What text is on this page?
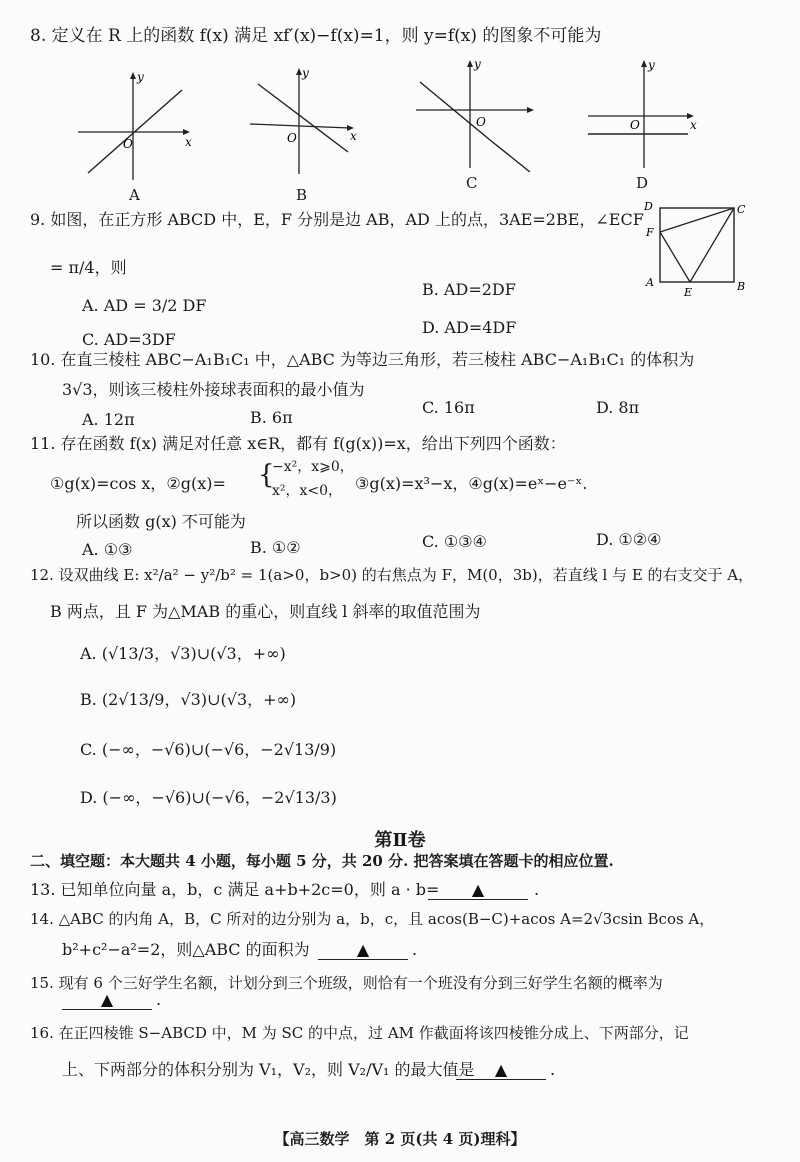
8. 定义在 R 上的函数 f(x) 满足 xf′(x)−f(x)=1，则 y=f(x) 的图象不可能为
y
x
O
A
y
x
O
B
y
O
C
y
x
O
D
9. 如图，在正方形 ABCD 中，E，F 分别是边 AB，AD 上的点，3AE=2BE，∠ECF
= π/4，则
A. AD = 3/2 DF
B. AD=2DF
C. AD=3DF
D. AD=4DF
D	C
F
A
E	B
10. 在直三棱柱 ABC−A₁B₁C₁ 中，△ABC 为等边三角形，若三棱柱 ABC−A₁B₁C₁ 的体积为
3√3，则该三棱柱外接球表面积的最小值为
A. 12π	B. 6π
C. 16π	D. 8π
11. 存在函数 f(x) 满足对任意 x∈R，都有 f(g(x))=x，给出下列四个函数：
①g(x)=cos x，②g(x)= {
−x²，x⩾0，
x²，x<0， ③g(x)=x³−x，④g(x)=eˣ−e⁻ˣ.
所以函数 g(x) 不可能为
A. ①③	B. ①②	C. ①③④	D. ①②④
12. 设双曲线 E: x²/a² − y²/b² = 1(a>0，b>0) 的右焦点为 F，M(0，3b)，若直线 l 与 E 的右支交于 A，
B 两点，且 F 为△MAB 的重心，则直线 l 斜率的取值范围为
A. (√13/3，√3)∪(√3，+∞)
B. (2√13/9，√3)∪(√3，+∞)
C. (−∞，−√6)∪(−√6，−2√13/9)
D. (−∞，−√6)∪(−√6，−2√13/3)
第Ⅱ卷
二、填空题：本大题共 4 小题，每小题 5 分，共 20 分. 把答案填在答题卡的相应位置.
13. 已知单位向量 a，b，c 满足 a+b+2c=0，则 a · b=	▲	.
14. △ABC 的内角 A，B，C 所对的边分别为 a，b，c，且 acos(B−C)+acos A=2√3csin Bcos A，
b²+c²−a²=2，则△ABC 的面积为	▲	.
15. 现有 6 个三好学生名额，计划分到三个班级，则恰有一个班没有分到三好学生名额的概率为
▲	.
16. 在正四棱锥 S−ABCD 中，M 为 SC 的中点，过 AM 作截面将该四棱锥分成上、下两部分，记
上、下两部分的体积分别为 V₁，V₂，则 V₂/V₁ 的最大值是	▲	.
【高三数学　第 2 页(共 4 页)理科】
